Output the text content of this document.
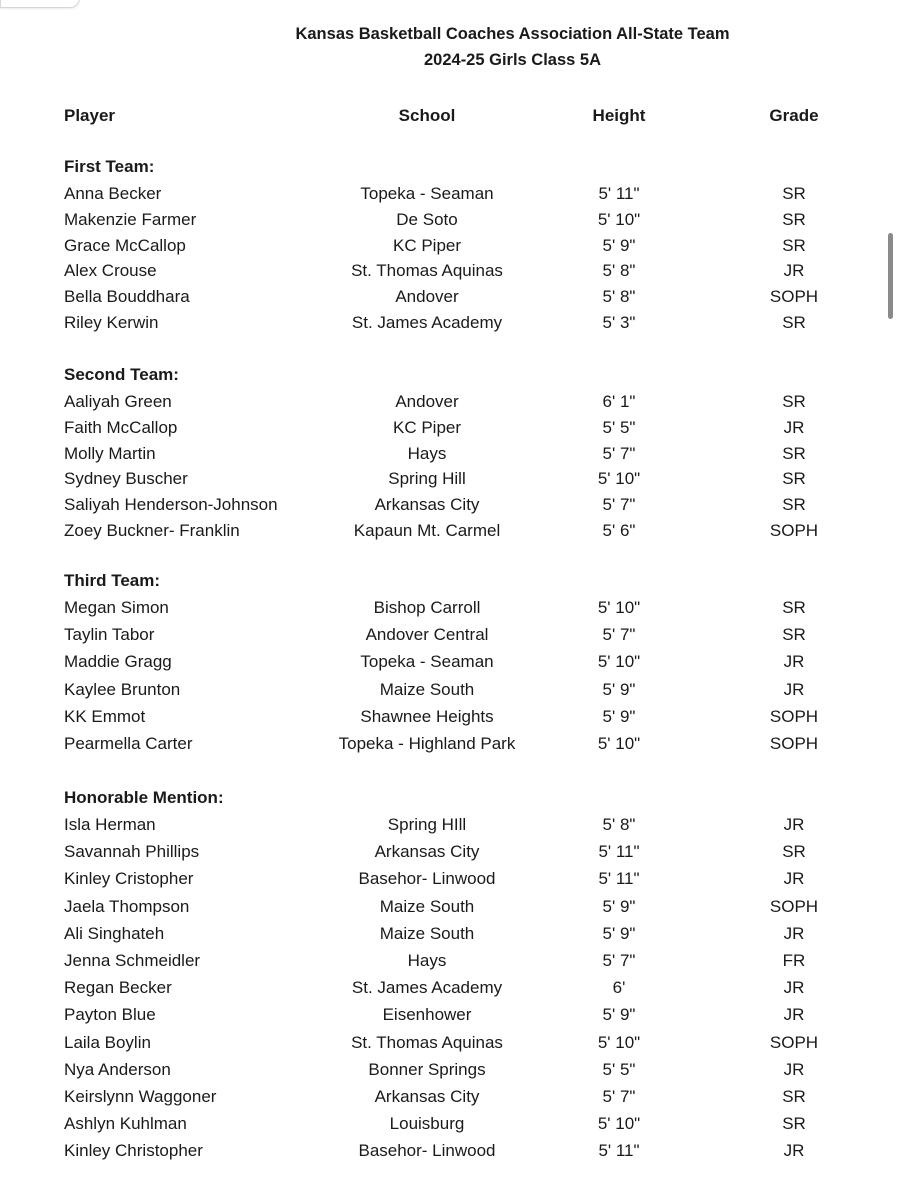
Kansas Basketball Coaches Association All-State Team
2024-25 Girls Class 5A
Player	School	Height	Grade
First Team:
Anna Becker	Topeka - Seaman	5' 11"	SR
Makenzie Farmer	De Soto	5' 10"	SR
Grace McCallop	KC Piper	5' 9"	SR
Alex Crouse	St. Thomas Aquinas	5' 8"	JR
Bella Bouddhara	Andover	5' 8"	SOPH
Riley Kerwin	St. James Academy	5' 3"	SR
Second Team:
Aaliyah Green	Andover	6' 1"	SR
Faith McCallop	KC Piper	5' 5"	JR
Molly Martin	Hays	5' 7"	SR
Sydney Buscher	Spring Hill	5' 10"	SR
Saliyah Henderson-Johnson	Arkansas City	5' 7"	SR
Zoey Buckner- Franklin	Kapaun Mt. Carmel	5' 6"	SOPH
Third Team:
Megan Simon	Bishop Carroll	5' 10"	SR
Taylin Tabor	Andover Central	5' 7"	SR
Maddie Gragg	Topeka - Seaman	5' 10"	JR
Kaylee Brunton	Maize South	5' 9"	JR
KK Emmot	Shawnee Heights	5' 9"	SOPH
Pearmella Carter	Topeka - Highland Park	5' 10"	SOPH
Honorable Mention:
Isla Herman	Spring HIll	5' 8"	JR
Savannah Phillips	Arkansas City	5' 11"	SR
Kinley Cristopher	Basehor- Linwood	5' 11"	JR
Jaela Thompson	Maize South	5' 9"	SOPH
Ali Singhateh	Maize South	5' 9"	JR
Jenna Schmeidler	Hays	5' 7"	FR
Regan Becker	St. James Academy	6'	JR
Payton Blue	Eisenhower	5' 9"	JR
Laila Boylin	St. Thomas Aquinas	5' 10"	SOPH
Nya Anderson	Bonner Springs	5' 5"	JR
Keirslynn Waggoner	Arkansas City	5' 7"	SR
Ashlyn Kuhlman	Louisburg	5' 10"	SR
Kinley Christopher	Basehor- Linwood	5' 11"	JR
